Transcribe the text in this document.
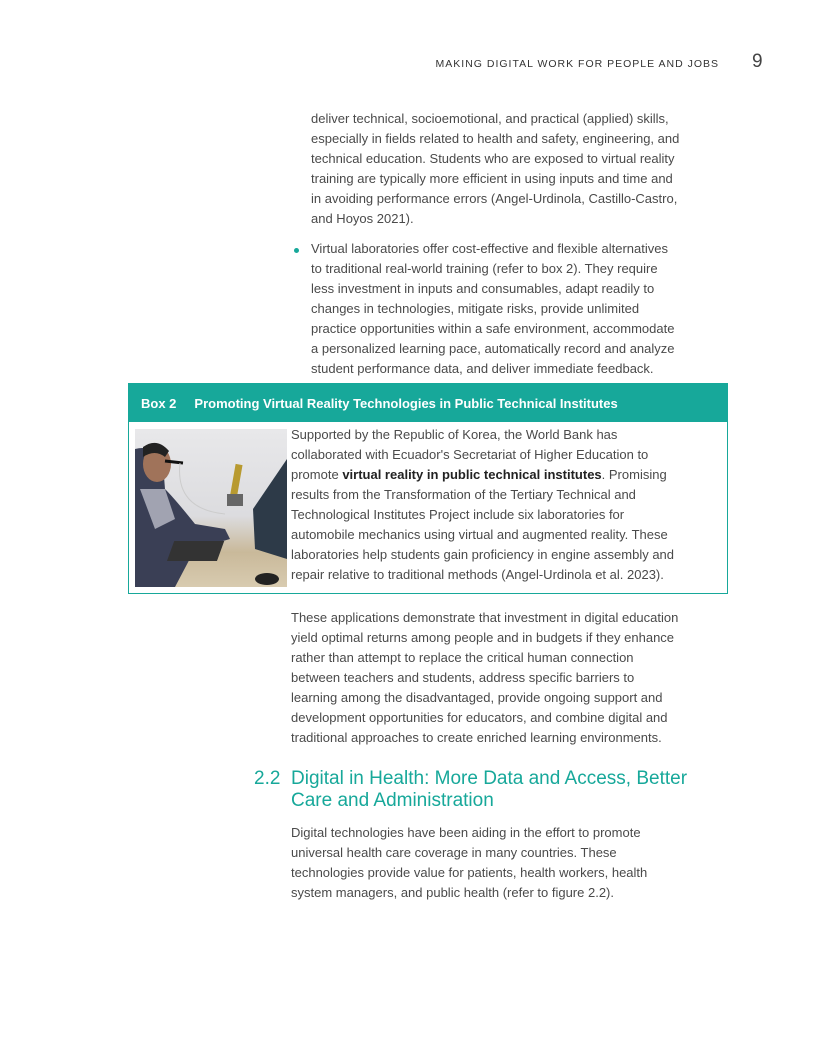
MAKING DIGITAL WORK FOR PEOPLE AND JOBS 9
deliver technical, socioemotional, and practical (applied) skills,
especially in fields related to health and safety, engineering, and
technical education. Students who are exposed to virtual reality
training are typically more efficient in using inputs and time and
in avoiding performance errors (Angel-Urdinola, Castillo-Castro,
and Hoyos 2021).
Virtual laboratories offer cost-effective and flexible alternatives
to traditional real-world training (refer to box 2). They require
less investment in inputs and consumables, adapt readily to
changes in technologies, mitigate risks, provide unlimited
practice opportunities within a safe environment, accommodate
a personalized learning pace, automatically record and analyze
student performance data, and deliver immediate feedback.
Box 2 Promoting Virtual Reality Technologies in Public Technical Institutes
Supported by the Republic of Korea, the World Bank has
collaborated with Ecuador's Secretariat of Higher Education to
promote virtual reality in public technical institutes. Promising
results from the Transformation of the Tertiary Technical and
Technological Institutes Project include six laboratories for
automobile mechanics using virtual and augmented reality. These
laboratories help students gain proficiency in engine assembly and
repair relative to traditional methods (Angel-Urdinola et al. 2023).
These applications demonstrate that investment in digital education
yield optimal returns among people and in budgets if they enhance
rather than attempt to replace the critical human connection
between teachers and students, address specific barriers to
learning among the disadvantaged, provide ongoing support and
development opportunities for educators, and combine digital and
traditional approaches to create enriched learning environments.
2.2 Digital in Health: More Data and Access, Better
Care and Administration
Digital technologies have been aiding in the effort to promote
universal health care coverage in many countries. These
technologies provide value for patients, health workers, health
system managers, and public health (refer to figure 2.2).
